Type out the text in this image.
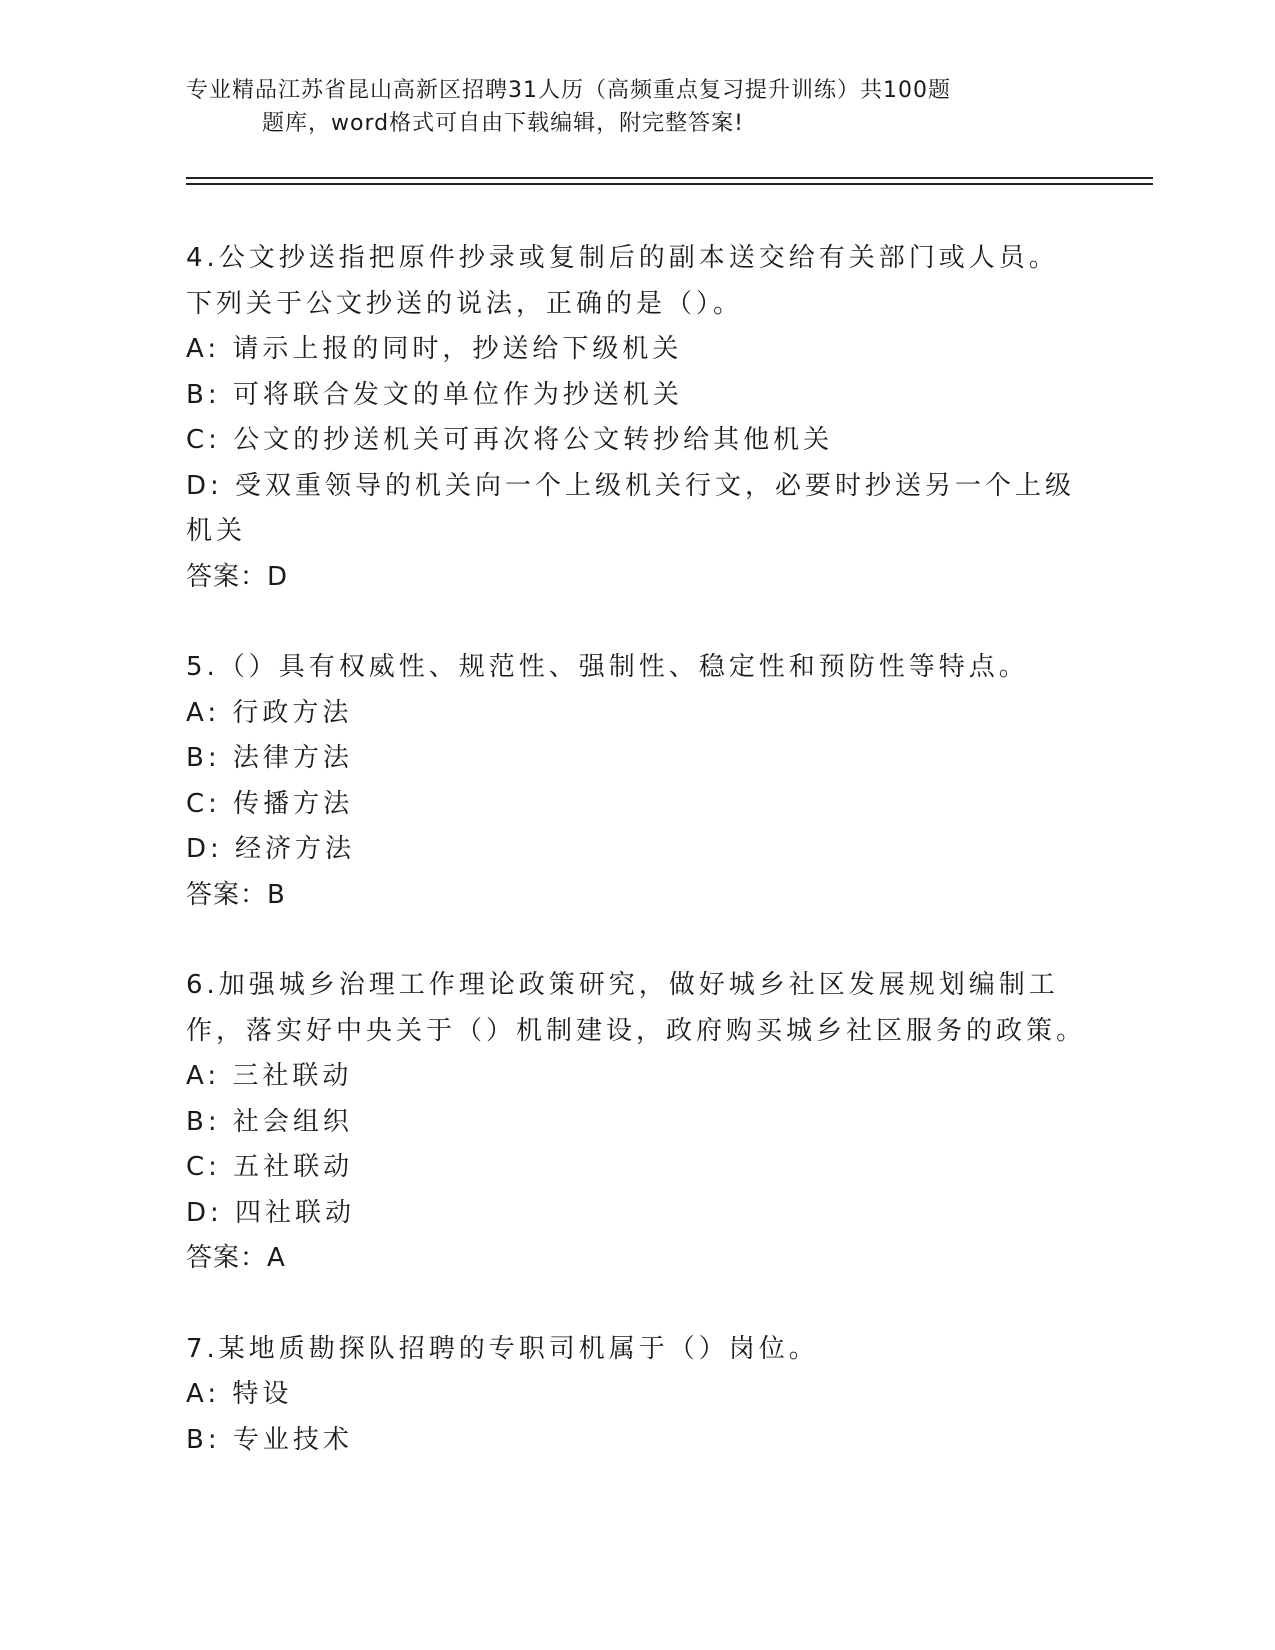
专业精品江苏省昆山高新区招聘31人历（高频重点复习提升训练）共100题
题库，word格式可自由下载编辑，附完整答案!

4.公文抄送指把原件抄录或复制后的副本送交给有关部门或人员。下列关于公文抄送的说法，正确的是（）。

A: 请示上报的同时，抄送给下级机关

B: 可将联合发文的单位作为抄送机关

C: 公文的抄送机关可再次将公文转抄给其他机关

D: 受双重领导的机关向一个上级机关行文，必要时抄送另一个上级机关

答案：D

5.（）具有权威性、规范性、强制性、稳定性和预防性等特点。

A: 行政方法

B: 法律方法

C: 传播方法

D: 经济方法

答案：B

6.加强城乡治理工作理论政策研究，做好城乡社区发展规划编制工作，落实好中央关于（）机制建设，政府购买城乡社区服务的政策。

A: 三社联动

B: 社会组织

C: 五社联动

D: 四社联动

答案：A

7.某地质勘探队招聘的专职司机属于（）岗位。

A: 特设

B: 专业技术
